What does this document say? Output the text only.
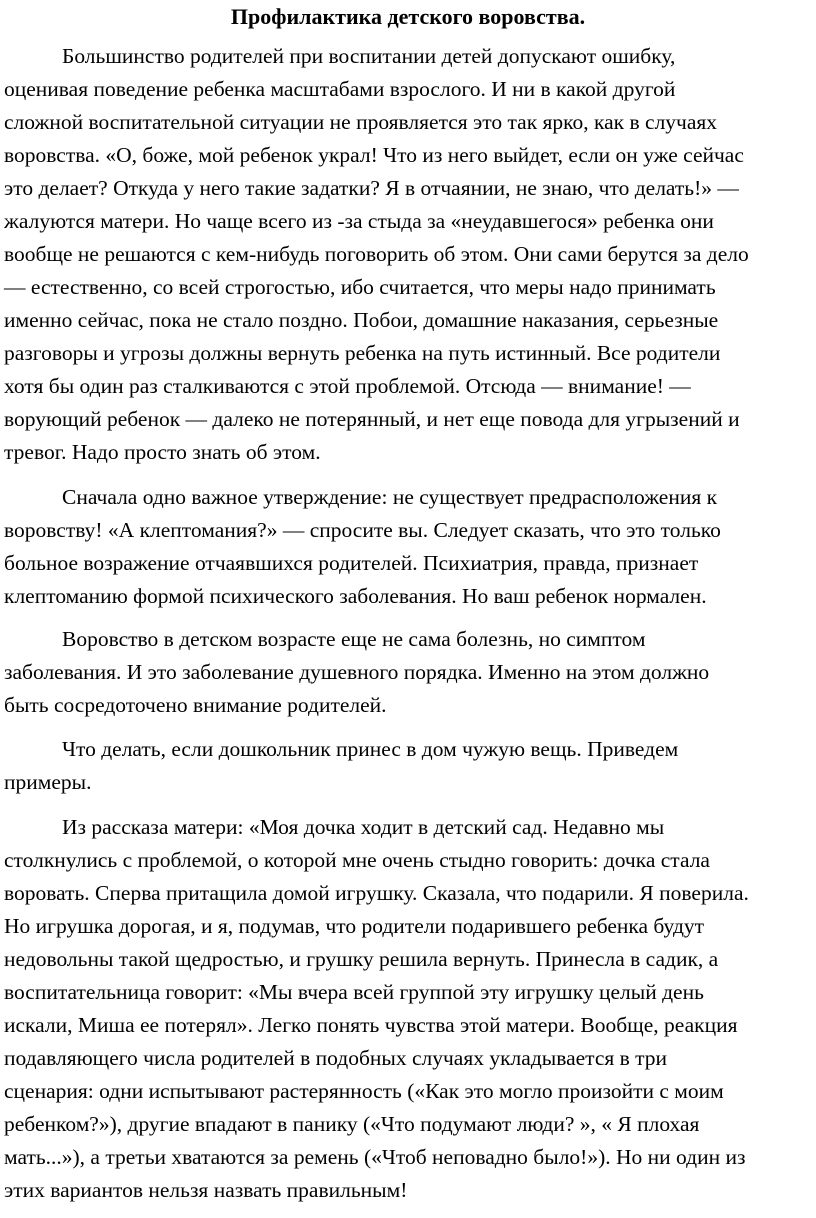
Профилактика детского воровства.
Большинство родителей при воспитании детей допускают ошибку,
оценивая поведение ребенка масштабами взрослого. И ни в какой другой
сложной воспитательной ситуации не проявляется это так ярко, как в случаях
воровства. «О, боже, мой ребенок украл! Что из него выйдет, если он уже сейчас
это делает? Откуда у него такие задатки? Я в отчаянии, не знаю, что делать!» —
жалуются матери. Но чаще всего из -за стыда за «неудавшегося» ребенка они
вообще не решаются с кем-нибудь поговорить об этом. Они сами берутся за дело
— естественно, со всей строгостью, ибо считается, что меры надо принимать
именно сейчас, пока не стало поздно. Побои, домашние наказания, серьезные
разговоры и угрозы должны вернуть ребенка на путь истинный. Все родители
хотя бы один раз сталкиваются с этой проблемой. Отсюда — внимание! —
ворующий ребенок — далеко не потерянный, и нет еще повода для угрызений и
тревог. Надо просто знать об этом.
Сначала одно важное утверждение: не существует предрасположения к
воровству! «А клептомания?» — спросите вы. Следует сказать, что это только
больное возражение отчаявшихся родителей. Психиатрия, правда, признает
клептоманию формой психического заболевания. Но ваш ребенок нормален.
Воровство в детском возрасте еще не сама болезнь, но симптом
заболевания. И это заболевание душевного порядка. Именно на этом должно
быть сосредоточено внимание родителей.
Что делать, если дошкольник принес в дом чужую вещь. Приведем
примеры.
Из рассказа матери: «Моя дочка ходит в детский сад. Недавно мы
столкнулись с проблемой, о которой мне очень стыдно говорить: дочка стала
воровать. Сперва притащила домой игрушку. Сказала, что подарили. Я поверила.
Но игрушка дорогая, и я, подумав, что родители подарившего ребенка будут
недовольны такой щедростью, и грушку решила вернуть. Принесла в садик, а
воспитательница говорит: «Мы вчера всей группой эту игрушку целый день
искали, Миша ее потерял». Легко понять чувства этой матери. Вообще, реакция
подавляющего числа родителей в подобных случаях укладывается в три
сценария: одни испытывают растерянность («Как это могло произойти с моим
ребенком?»), другие впадают в панику («Что подумают люди? », « Я плохая
мать...»), а третьи хватаются за ремень («Чтоб неповадно было!»). Но ни один из
этих вариантов нельзя назвать правильным!
